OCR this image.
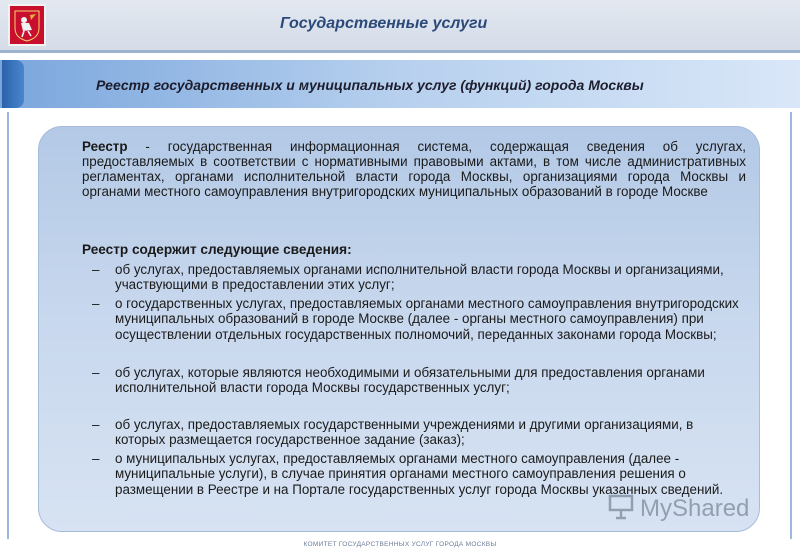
Государственные услуги
Реестр государственных и муниципальных услуг (функций) города Москвы
Реестр - государственная информационная система, содержащая сведения об услугах, предоставляемых в соответствии с нормативными правовыми актами, в том числе административных регламентах, органами исполнительной власти города Москвы, организациями города Москвы и органами местного самоуправления внутригородских муниципальных образований в городе Москве
Реестр содержит следующие сведения:
– об услугах, предоставляемых органами исполнительной власти города Москвы и организациями, участвующими в предоставлении этих услуг;
– о государственных услугах, предоставляемых органами местного самоуправления внутригородских муниципальных образований в городе Москве (далее - органы местного самоуправления) при осуществлении отдельных государственных полномочий, переданных законами города Москвы;
– об услугах, которые являются необходимыми и обязательными для предоставления органами исполнительной власти города Москвы государственных услуг;
– об услугах, предоставляемых государственными учреждениями и другими организациями, в которых размещается государственное задание (заказ);
– о муниципальных услугах, предоставляемых органами местного самоуправления (далее - муниципальные услуги), в случае принятия органами местного самоуправления решения о размещении в Реестре и на Портале государственных услуг города Москвы указанных сведений.
MyShared
КОМИТЕТ ГОСУДАРСТВЕННЫХ УСЛУГ ГОРОДА МОСКВЫ
